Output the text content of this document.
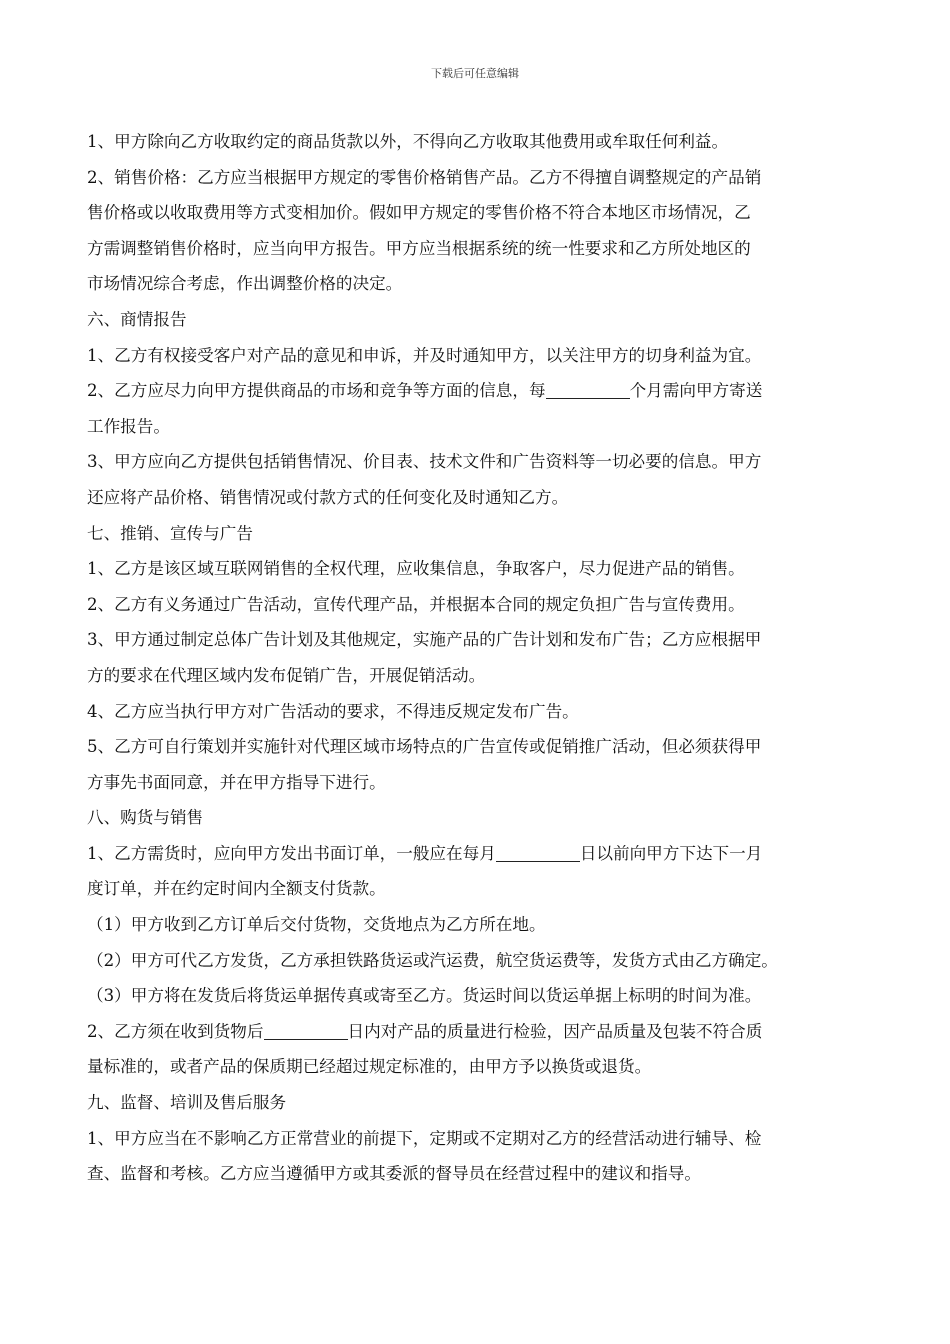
下载后可任意编辑
1、甲方除向乙方收取约定的商品货款以外，不得向乙方收取其他费用或牟取任何利益。
2、销售价格：乙方应当根据甲方规定的零售价格销售产品。乙方不得擅自调整规定的产品销
售价格或以收取费用等方式变相加价。假如甲方规定的零售价格不符合本地区市场情况，乙
方需调整销售价格时，应当向甲方报告。甲方应当根据系统的统一性要求和乙方所处地区的
市场情况综合考虑，作出调整价格的决定。
六、商情报告
1、乙方有权接受客户对产品的意见和申诉，并及时通知甲方，以关注甲方的切身利益为宜。
2、乙方应尽力向甲方提供商品的市场和竞争等方面的信息，每	个月需向甲方寄送
工作报告。
3、甲方应向乙方提供包括销售情况、价目表、技术文件和广告资料等一切必要的信息。甲方
还应将产品价格、销售情况或付款方式的任何变化及时通知乙方。
七、推销、宣传与广告
1、乙方是该区域互联网销售的全权代理，应收集信息，争取客户，尽力促进产品的销售。
2、乙方有义务通过广告活动，宣传代理产品，并根据本合同的规定负担广告与宣传费用。
3、甲方通过制定总体广告计划及其他规定，实施产品的广告计划和发布广告；乙方应根据甲
方的要求在代理区域内发布促销广告，开展促销活动。
4、乙方应当执行甲方对广告活动的要求，不得违反规定发布广告。
5、乙方可自行策划并实施针对代理区域市场特点的广告宣传或促销推广活动，但必须获得甲
方事先书面同意，并在甲方指导下进行。
八、购货与销售
1、乙方需货时，应向甲方发出书面订单，一般应在每月	日以前向甲方下达下一月
度订单，并在约定时间内全额支付货款。
（1）甲方收到乙方订单后交付货物，交货地点为乙方所在地。
（2）甲方可代乙方发货，乙方承担铁路货运或汽运费，航空货运费等，发货方式由乙方确定。
（3）甲方将在发货后将货运单据传真或寄至乙方。货运时间以货运单据上标明的时间为准。
2、乙方须在收到货物后	日内对产品的质量进行检验，因产品质量及包装不符合质
量标准的，或者产品的保质期已经超过规定标准的，由甲方予以换货或退货。
九、监督、培训及售后服务
1、甲方应当在不影响乙方正常营业的前提下，定期或不定期对乙方的经营活动进行辅导、检
查、监督和考核。乙方应当遵循甲方或其委派的督导员在经营过程中的建议和指导。
